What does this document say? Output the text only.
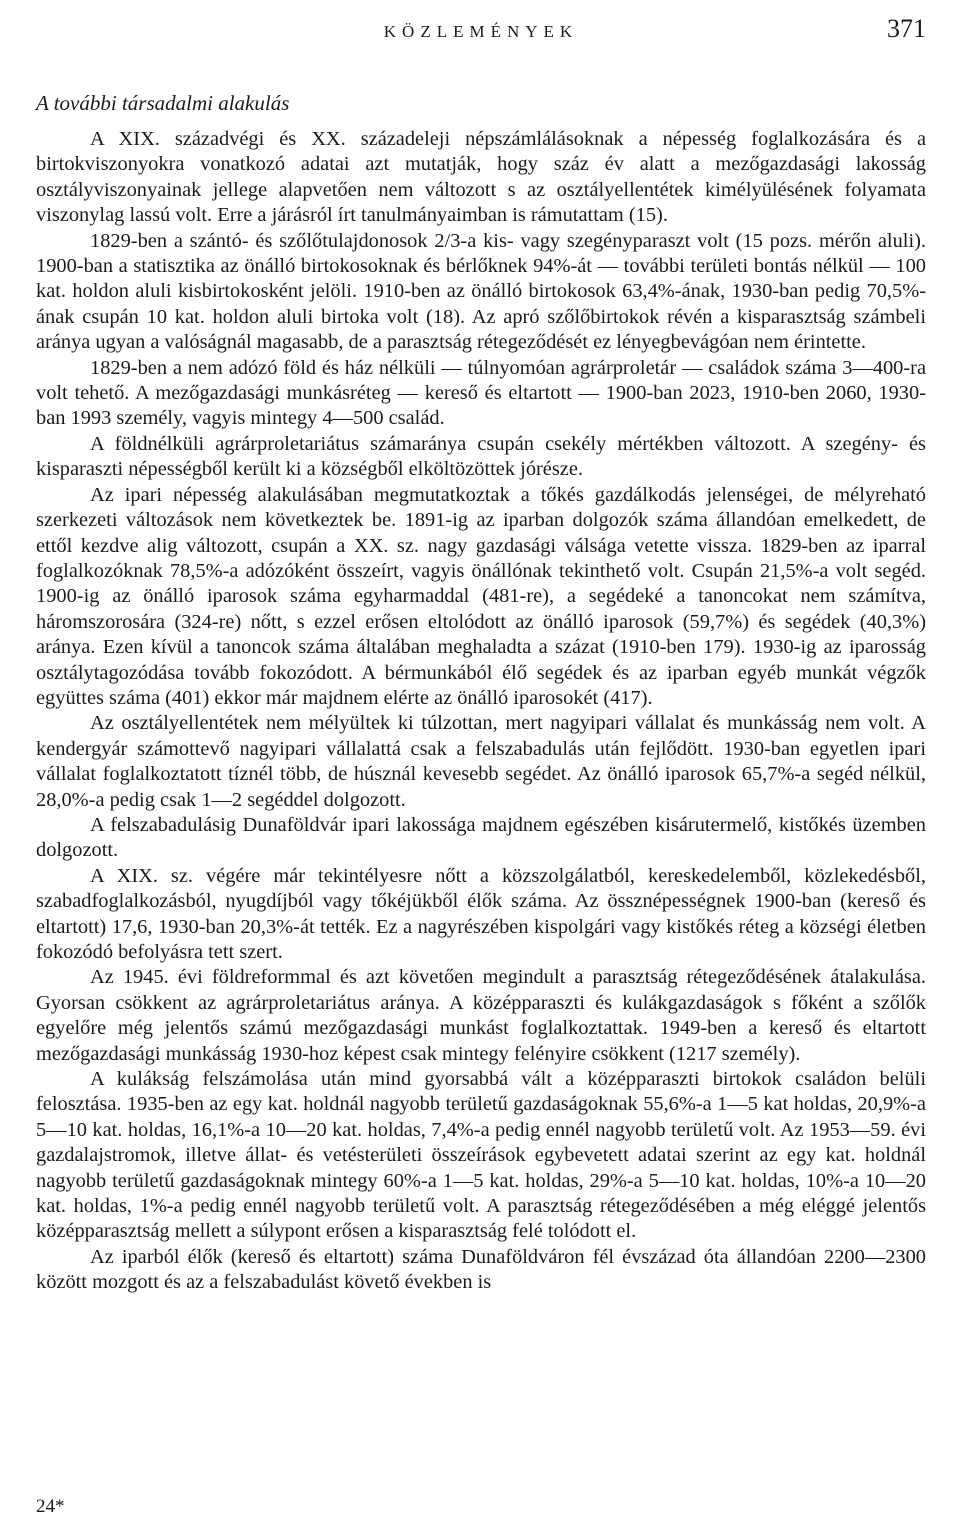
KÖZLEMÉNYEK	371
A további társadalmi alakulás

A XIX. századvégi és XX. századeleji népszámlálásoknak a népesség foglalkozására és a birtokviszonyokra vonatkozó adatai azt mutatják, hogy száz év alatt a mezőgazdasági lakosság osztályviszonyainak jellege alapvetően nem változott s az osztályellentétek kimélyülésének folyamata viszonylag lassú volt. Erre a járásról írt tanulmányaimban is rámutattam (15).

1829-ben a szántó- és szőlőtulajdonosok 2/3-a kis- vagy szegényparaszt volt (15 pozs. mérőn aluli). 1900-ban a statisztika az önálló birtokosoknak és bérlőknek 94%-át — további területi bontás nélkül — 100 kat. holdon aluli kisbirtokosként jelöli. 1910-ben az önálló birtokosok 63,4%-ának, 1930-ban pedig 70,5%-ának csupán 10 kat. holdon aluli birtoka volt (18). Az apró szőlőbirtokok révén a kisparasztság számbeli aránya ugyan a valóságnál magasabb, de a parasztság rétegeződését ez lényegbevágóan nem érintette.

1829-ben a nem adózó föld és ház nélküli — túlnyomóan agrárproletár — családok száma 3—400-ra volt tehető. A mezőgazdasági munkásréteg — kereső és eltartott — 1900-ban 2023, 1910-ben 2060, 1930-ban 1993 személy, vagyis mintegy 4—500 család.

A földnélküli agrárproletariátus számaránya csupán csekély mértékben változott. A szegény- és kisparaszti népességből került ki a községből elköltözöttek jórésze.

Az ipari népesség alakulásában megmutatkoztak a tőkés gazdálkodás jelenségei, de mélyreható szerkezeti változások nem következtek be. 1891-ig az iparban dolgozók száma állandóan emelkedett, de ettől kezdve alig változott, csupán a XX. sz. nagy gazdasági válsága vetette vissza. 1829-ben az iparral foglalkozóknak 78,5%-a adózóként összeírt, vagyis önállónak tekinthető volt. Csupán 21,5%-a volt segéd. 1900-ig az önálló iparosok száma egyharmaddal (481-re), a segédeké a tanoncokat nem számítva, háromszorosára (324-re) nőtt, s ezzel erősen eltolódott az önálló iparosok (59,7%) és segédek (40,3%) aránya. Ezen kívül a tanoncok száma általában meghaladta a százat (1910-ben 179). 1930-ig az iparosság osztálytagozódása tovább fokozódott. A bérmunkából élő segédek és az iparban egyéb munkát végzők együttes száma (401) ekkor már majdnem elérte az önálló iparosokét (417).

Az osztályellentétek nem mélyültek ki túlzottan, mert nagyipari vállalat és munkásság nem volt. A kendergyár számottevő nagyipari vállalattá csak a felszabadulás után fejlődött. 1930-ban egyetlen ipari vállalat foglalkoztatott tíznél több, de húsznál kevesebb segédet. Az önálló iparosok 65,7%-a segéd nélkül, 28,0%-a pedig csak 1—2 segéddel dolgozott.

A felszabadulásig Dunaföldvár ipari lakossága majdnem egészében kisárutermelő, kistőkés üzemben dolgozott.

A XIX. sz. végére már tekintélyesre nőtt a közszolgálatból, kereskedelemből, közlekedésből, szabadfoglalkozásból, nyugdíjból vagy tőkéjükből élők száma. Az össznépességnek 1900-ban (kereső és eltartott) 17,6, 1930-ban 20,3%-át tették. Ez a nagyrészében kispolgári vagy kistőkés réteg a községi életben fokozódó befolyásra tett szert.

Az 1945. évi földreformmal és azt követően megindult a parasztság rétegeződésének átalakulása. Gyorsan csökkent az agrárproletariátus aránya. A középparaszti és kulákgazdaságok s főként a szőlők egyelőre még jelentős számú mezőgazdasági munkást foglalkoztattak. 1949-ben a kereső és eltartott mezőgazdasági munkásság 1930-hoz képest csak mintegy felényire csökkent (1217 személy).

A kulákság felszámolása után mind gyorsabbá vált a középparaszti birtokok családon belüli felosztása. 1935-ben az egy kat. holdnál nagyobb területű gazdaságoknak 55,6%-a 1—5 kat holdas, 20,9%-a 5—10 kat. holdas, 16,1%-a 10—20 kat. holdas, 7,4%-a pedig ennél nagyobb területű volt. Az 1953—59. évi gazdalajstromok, illetve állat- és vetésterületi összeírások egybevetett adatai szerint az egy kat. holdnál nagyobb területű gazdaságoknak mintegy 60%-a 1—5 kat. holdas, 29%-a 5—10 kat. holdas, 10%-a 10—20 kat. holdas, 1%-a pedig ennél nagyobb területű volt. A parasztság rétegeződésében a még eléggé jelentős középparasztság mellett a súlypont erősen a kisparasztság felé tolódott el.

Az iparból élők (kereső és eltartott) száma Dunaföldváron fél évszázad óta állandóan 2200—2300 között mozgott és az a felszabadulást követő években is

24*
